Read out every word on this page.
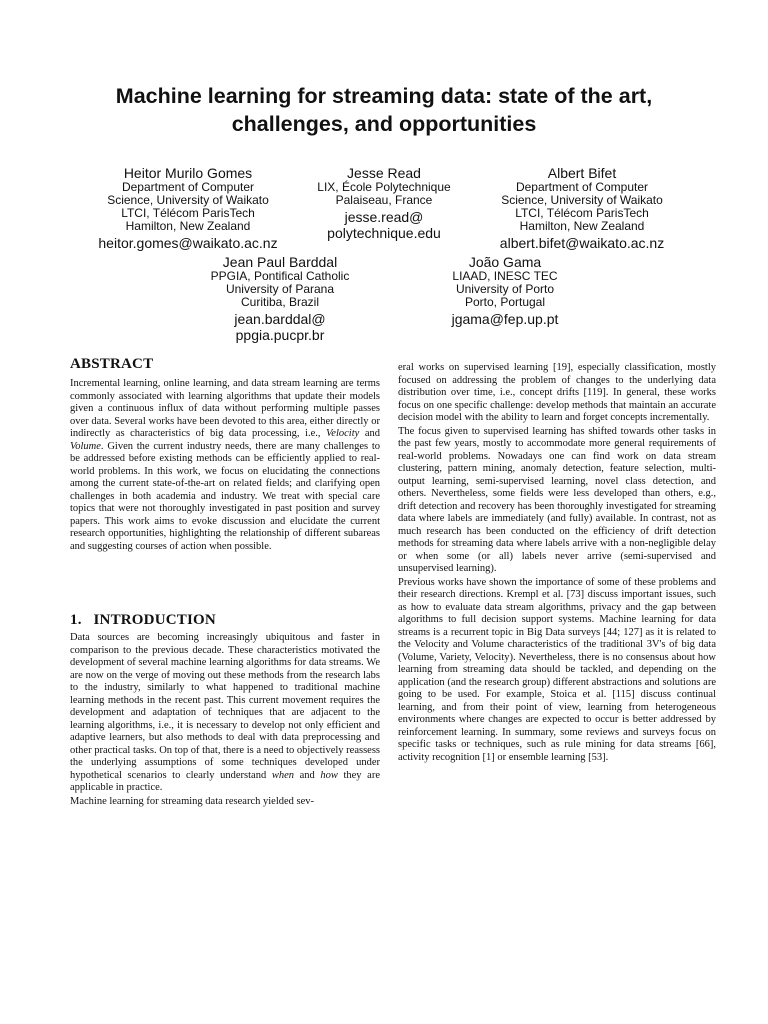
Machine learning for streaming data: state of the art,
challenges, and opportunities
Heitor Murilo Gomes
Department of Computer
Science, University of Waikato
LTCI, Télécom ParisTech
Hamilton, New Zealand
heitor.gomes@waikato.ac.nz
Jesse Read
LIX, École Polytechnique
Palaiseau, France
jesse.read@
polytechnique.edu
Albert Bifet
Department of Computer
Science, University of Waikato
LTCI, Télécom ParisTech
Hamilton, New Zealand
albert.bifet@waikato.ac.nz
Jean Paul Barddal
PPGIA, Pontifical Catholic
University of Parana
Curitiba, Brazil
jean.barddal@
ppgia.pucpr.br
João Gama
LIAAD, INESC TEC
University of Porto
Porto, Portugal
jgama@fep.up.pt
ABSTRACT

Incremental learning, online learning, and data stream learning are terms commonly associated with learning algorithms that update their models given a continuous influx of data without performing multiple passes over data. Several works have been devoted to this area, either directly or indirectly as characteristics of big data processing, i.e., Velocity and Volume. Given the current industry needs, there are many challenges to be addressed before existing methods can be efficiently applied to real-world problems. In this work, we focus on elucidating the connections among the current state-of-the-art on related fields; and clarifying open challenges in both academia and industry. We treat with special care topics that were not thoroughly investigated in past position and survey papers. This work aims to evoke discussion and elucidate the current research opportunities, highlighting the relationship of different subareas and suggesting courses of action when possible.

1.   INTRODUCTION

Data sources are becoming increasingly ubiquitous and faster in comparison to the previous decade. These characteristics motivated the development of several machine learning algorithms for data streams. We are now on the verge of moving out these methods from the research labs to the industry, similarly to what happened to traditional machine learning methods in the recent past. This current movement requires the development and adaptation of techniques that are adjacent to the learning algorithms, i.e., it is necessary to develop not only efficient and adaptive learners, but also methods to deal with data preprocessing and other practical tasks. On top of that, there is a need to objectively reassess the underlying assumptions of some techniques developed under hypothetical scenarios to clearly understand when and how they are applicable in practice.

Machine learning for streaming data research yielded sev-

eral works on supervised learning [19], especially classification, mostly focused on addressing the problem of changes to the underlying data distribution over time, i.e., concept drifts [119]. In general, these works focus on one specific challenge: develop methods that maintain an accurate decision model with the ability to learn and forget concepts incrementally.

The focus given to supervised learning has shifted towards other tasks in the past few years, mostly to accommodate more general requirements of real-world problems. Nowadays one can find work on data stream clustering, pattern mining, anomaly detection, feature selection, multi-output learning, semi-supervised learning, novel class detection, and others. Nevertheless, some fields were less developed than others, e.g., drift detection and recovery has been thoroughly investigated for streaming data where labels are immediately (and fully) available. In contrast, not as much research has been conducted on the efficiency of drift detection methods for streaming data where labels arrive with a non-negligible delay or when some (or all) labels never arrive (semi-supervised and unsupervised learning).

Previous works have shown the importance of some of these problems and their research directions. Krempl et al. [73] discuss important issues, such as how to evaluate data stream algorithms, privacy and the gap between algorithms to full decision support systems. Machine learning for data streams is a recurrent topic in Big Data surveys [44; 127] as it is related to the Velocity and Volume characteristics of the traditional 3V's of big data (Volume, Variety, Velocity). Nevertheless, there is no consensus about how learning from streaming data should be tackled, and depending on the application (and the research group) different abstractions and solutions are going to be used. For example, Stoica et al. [115] discuss continual learning, and from their point of view, learning from heterogeneous environments where changes are expected to occur is better addressed by reinforcement learning. In summary, some reviews and surveys focus on specific tasks or techniques, such as rule mining for data streams [66], activity recognition [1] or ensemble learning [53].
